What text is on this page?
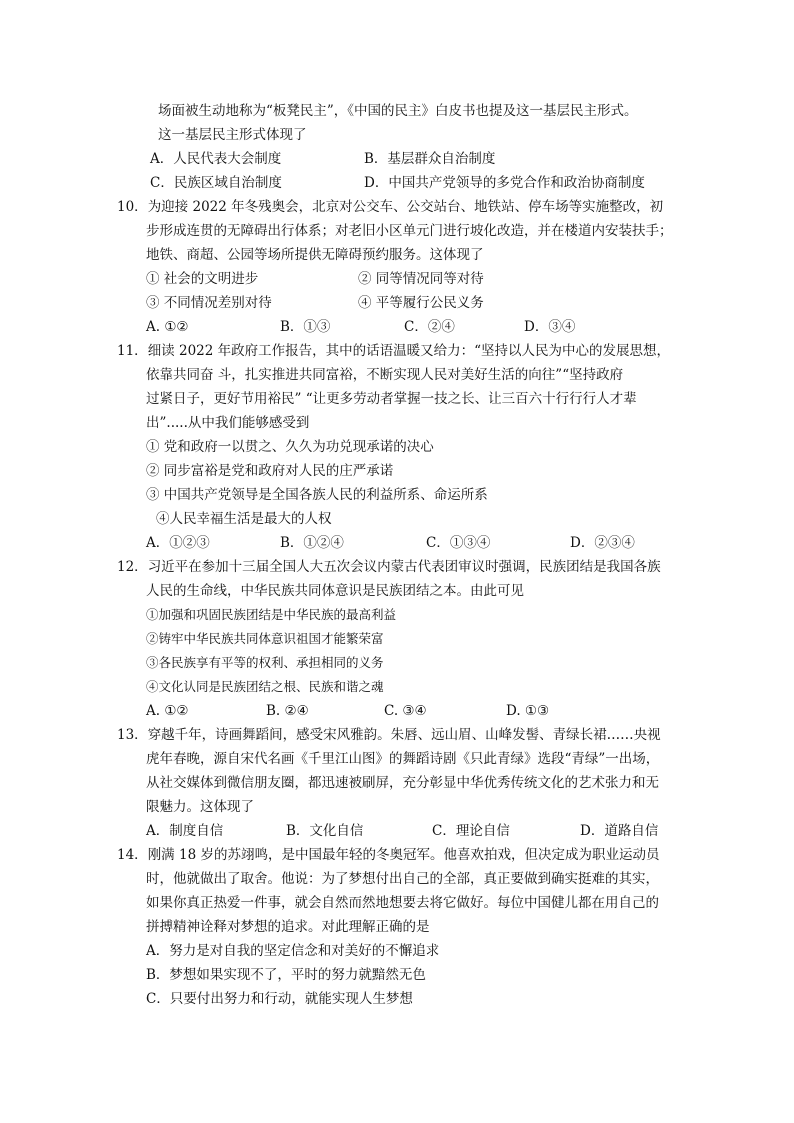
场面被生动地称为“板凳民主”，《中国的民主》白皮书也提及这一基层民主形式。
这一基层民主形式体现了
A．人民代表大会制度	B．基层群众自治制度
C．民族区域自治制度	D．中国共产党领导的多党合作和政治协商制度
10．为迎接 2022 年冬残奥会，北京对公交车、公交站台、地铁站、停车场等实施整改，初
步形成连贯的无障碍出行体系；对老旧小区单元门进行坡化改造，并在楼道内安装扶手；
地铁、商超、公园等场所提供无障碍预约服务。这体现了
① 社会的文明进步	② 同等情况同等对待
③ 不同情况差别对待	④ 平等履行公民义务
A. ①②	B．①③	C．②④	D．③④
11．细读 2022 年政府工作报告，其中的话语温暖又给力：“坚持以人民为中心的发展思想，
依靠共同奋 斗，扎实推进共同富裕，不断实现人民对美好生活的向往”“坚持政府
过紧日子，更好节用裕民” “让更多劳动者掌握一技之长、让三百六十行行行人才辈
出”.....从中我们能够感受到
① 党和政府一以贯之、久久为功兑现承诺的决心
② 同步富裕是党和政府对人民的庄严承诺
③ 中国共产党领导是全国各族人民的利益所系、命运所系
④人民幸福生活是最大的人权
A．①②③	B．①②④	C．①③④	D．②③④
12．习近平在参加十三届全国人大五次会议内蒙古代表团审议时强调，民族团结是我国各族
人民的生命线，中华民族共同体意识是民族团结之本。由此可见
①加强和巩固民族团结是中华民族的最高利益
②铸牢中华民族共同体意识祖国才能繁荣富
③各民族享有平等的权利、承担相同的义务
④文化认同是民族团结之根、民族和谐之魂
A. ①②	B. ②④	C. ③④	D. ①③
13．穿越千年，诗画舞蹈间，感受宋风雅韵。朱唇、远山眉、山峰发髻、青绿长裙……央视
虎年春晚，源自宋代名画《千里江山图》的舞蹈诗剧《只此青绿》选段“青绿”一出场，
从社交媒体到微信朋友圈，都迅速被刷屏，充分彰显中华优秀传统文化的艺术张力和无
限魅力。这体现了
A．制度自信	B．文化自信	C．理论自信	D．道路自信
14．刚满 18 岁的苏翊鸣，是中国最年轻的冬奥冠军。他喜欢拍戏，但决定成为职业运动员
时，他就做出了取舍。他说：为了梦想付出自己的全部，真正要做到确实挺难的其实，
如果你真正热爱一件事，就会自然而然地想要去将它做好。每位中国健儿都在用自己的
拼搏精神诠释对梦想的追求。对此理解正确的是
A．努力是对自我的坚定信念和对美好的不懈追求
B．梦想如果实现不了，平时的努力就黯然无色
C．只要付出努力和行动，就能实现人生梦想
